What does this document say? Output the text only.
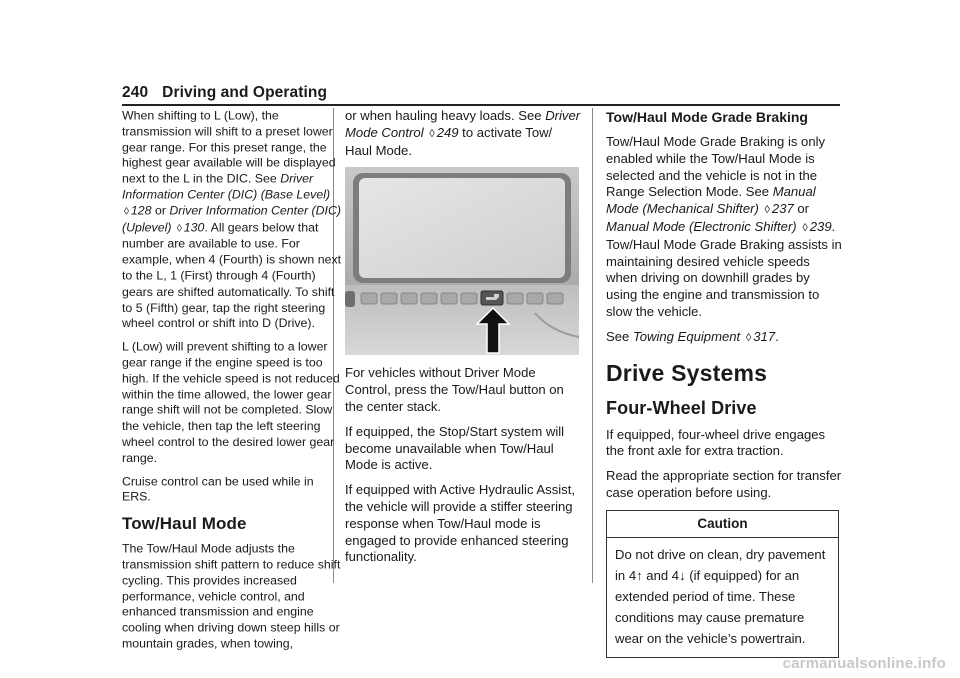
240 Driving and Operating

When shifting to L (Low), the transmission will shift to a preset lower gear range. For this preset range, the highest gear available will be displayed next to the L in the DIC. See Driver Information Center (DIC) (Base Level) ◊ 128 or Driver Information Center (DIC) (Uplevel) ◊ 130. All gears below that number are available to use. For example, when 4 (Fourth) is shown next to the L, 1 (First) through 4 (Fourth) gears are shifted automatically. To shift to 5 (Fifth) gear, tap the right steering wheel control or shift into D (Drive).

L (Low) will prevent shifting to a lower gear range if the engine speed is too high. If the vehicle speed is not reduced within the time allowed, the lower gear range shift will not be completed. Slow the vehicle, then tap the left steering wheel control to the desired lower gear range.

Cruise control can be used while in ERS.

Tow/Haul Mode

The Tow/Haul Mode adjusts the transmission shift pattern to reduce shift cycling. This provides increased performance, vehicle control, and enhanced transmission and engine cooling when driving down steep hills or mountain grades, when towing,

or when hauling heavy loads. See Driver Mode Control ◊ 249 to activate Tow/ Haul Mode.

For vehicles without Driver Mode Control, press the Tow/Haul button on the center stack.

If equipped, the Stop/Start system will become unavailable when Tow/Haul Mode is active.

If equipped with Active Hydraulic Assist, the vehicle will provide a stiffer steering response when Tow/Haul mode is engaged to provide enhanced steering functionality.

Tow/Haul Mode Grade Braking

Tow/Haul Mode Grade Braking is only enabled while the Tow/Haul Mode is selected and the vehicle is not in the Range Selection Mode. See Manual Mode (Mechanical Shifter) ◊ 237 or Manual Mode (Electronic Shifter) ◊ 239. Tow/Haul Mode Grade Braking assists in maintaining desired vehicle speeds when driving on downhill grades by using the engine and transmission to slow the vehicle.

See Towing Equipment ◊ 317.

Drive Systems
Four-Wheel Drive

If equipped, four-wheel drive engages the front axle for extra traction.

Read the appropriate section for transfer case operation before using.

Caution
Do not drive on clean, dry pavement in 4↑ and 4↓ (if equipped) for an extended period of time. These conditions may cause premature wear on the vehicle’s powertrain.
carmanualsonline.info
